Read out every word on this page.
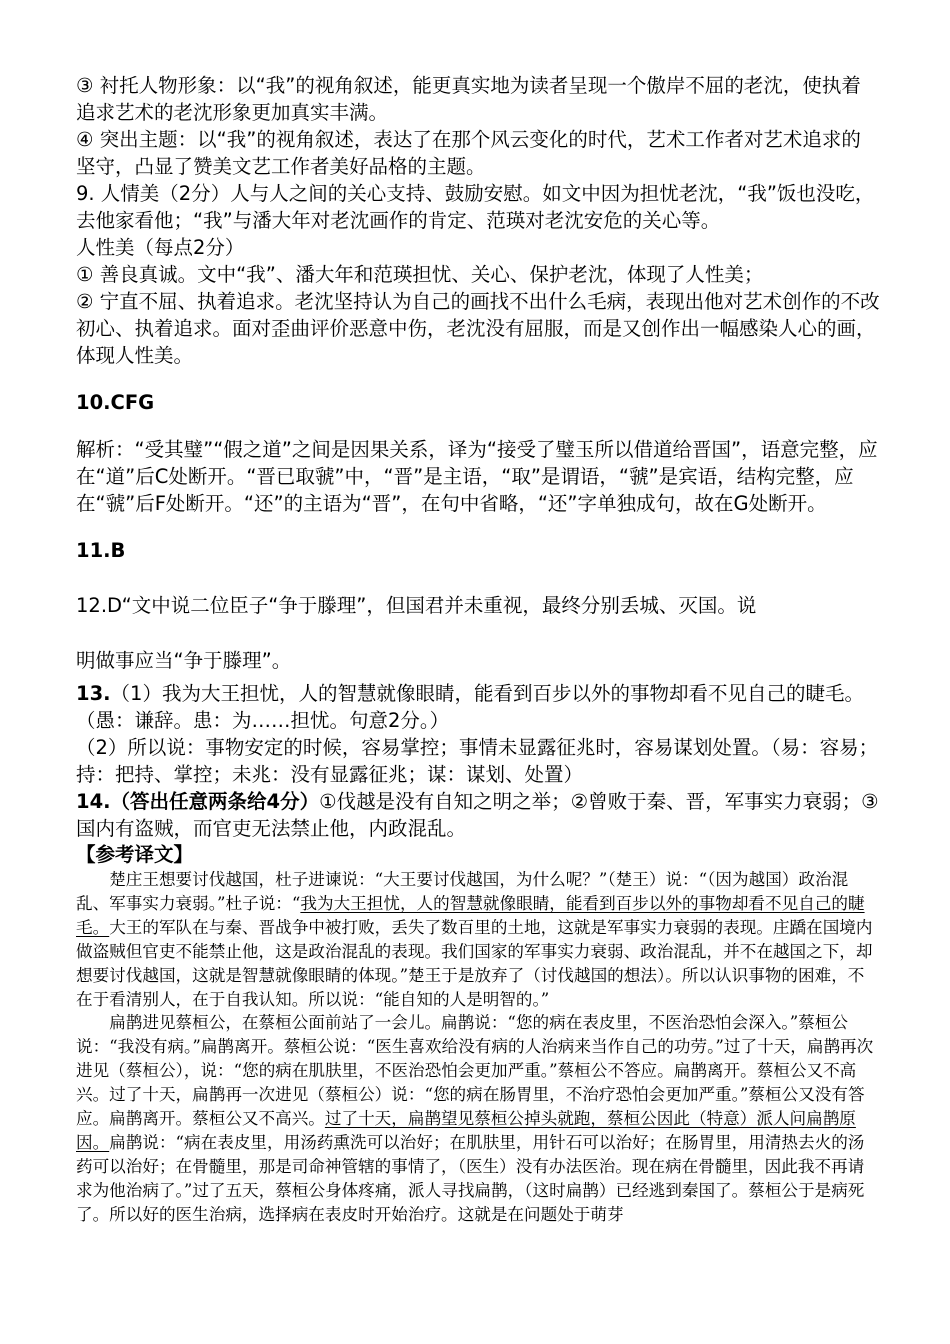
③ 衬托人物形象：以“我”的视角叙述，能更真实地为读者呈现一个傲岸不屈的老沈，使执着追求艺术的老沈形象更加真实丰满。

④ 突出主题：以“我”的视角叙述，表达了在那个风云变化的时代，艺术工作者对艺术追求的坚守，凸显了赞美文艺工作者美好品格的主题。

9. 人情美（2分）人与人之间的关心支持、鼓励安慰。如文中因为担忧老沈，“我”饭也没吃，去他家看他；“我”与潘大年对老沈画作的肯定、范瑛对老沈安危的关心等。

人性美（每点2分）

① 善良真诚。文中“我”、潘大年和范瑛担忧、关心、保护老沈，体现了人性美；

② 宁直不屈、执着追求。老沈坚持认为自己的画找不出什么毛病，表现出他对艺术创作的不改初心、执着追求。面对歪曲评价恶意中伤，老沈没有屈服，而是又创作出一幅感染人心的画，体现人性美。

10.CFG

解析：“受其璧”“假之道”之间是因果关系，译为“接受了璧玉所以借道给晋国”，语意完整，应在“道”后C处断开。“晋已取虢”中，“晋”是主语，“取”是谓语，“虢”是宾语，结构完整，应在“虢”后F处断开。“还”的主语为“晋”，在句中省略，“还”字单独成句，故在G处断开。

11.B

12.D“文中说二位臣子“争于滕理”，但国君并未重视，最终分别丢城、灭国。说

明做事应当“争于滕理”。

13.（1）我为大王担忧，人的智慧就像眼睛，能看到百步以外的事物却看不见自己的睫毛。（愚：谦辞。患：为……担忧。句意2分。）

（2）所以说：事物安定的时候，容易掌控；事情未显露征兆时，容易谋划处置。（易：容易；持：把持、掌控；未兆：没有显露征兆；谋：谋划、处置）

14.（答出任意两条给4分）①伐越是没有自知之明之举；②曾败于秦、晋，军事实力衰弱；③国内有盗贼，而官吏无法禁止他，内政混乱。

【参考译文】

楚庄王想要讨伐越国，杜子进谏说：“大王要讨伐越国，为什么呢？”（楚王）说：“（因为越国）政治混乱、军事实力衰弱。”杜子说：“我为大王担忧，人的智慧就像眼睛，能看到百步以外的事物却看不见自己的睫毛。大王的军队在与秦、晋战争中被打败，丢失了数百里的土地，这就是军事实力衰弱的表现。庄蹻在国境内做盗贼但官吏不能禁止他，这是政治混乱的表现。我们国家的军事实力衰弱、政治混乱，并不在越国之下，却想要讨伐越国，这就是智慧就像眼睛的体现。”楚王于是放弃了（讨伐越国的想法）。所以认识事物的困难，不在于看清别人，在于自我认知。所以说：“能自知的人是明智的。”

扁鹊进见蔡桓公，在蔡桓公面前站了一会儿。扁鹊说：“您的病在表皮里，不医治恐怕会深入。”蔡桓公说：“我没有病。”扁鹊离开。蔡桓公说：“医生喜欢给没有病的人治病来当作自己的功劳。”过了十天，扁鹊再次进见（蔡桓公），说：“您的病在肌肤里，不医治恐怕会更加严重。”蔡桓公不答应。扁鹊离开。蔡桓公又不高兴。过了十天，扁鹊再一次进见（蔡桓公）说：“您的病在肠胃里，不治疗恐怕会更加严重。”蔡桓公又没有答应。扁鹊离开。蔡桓公又不高兴。过了十天，扁鹊望见蔡桓公掉头就跑，蔡桓公因此（特意）派人问扁鹊原因。扁鹊说：“病在表皮里，用汤药熏洗可以治好；在肌肤里，用针石可以治好；在肠胃里，用清热去火的汤药可以治好；在骨髓里，那是司命神管辖的事情了，（医生）没有办法医治。现在病在骨髓里，因此我不再请求为他治病了。”过了五天，蔡桓公身体疼痛，派人寻找扁鹊，（这时扁鹊）已经逃到秦国了。蔡桓公于是病死了。所以好的医生治病，选择病在表皮时开始治疗。这就是在问题处于萌芽
